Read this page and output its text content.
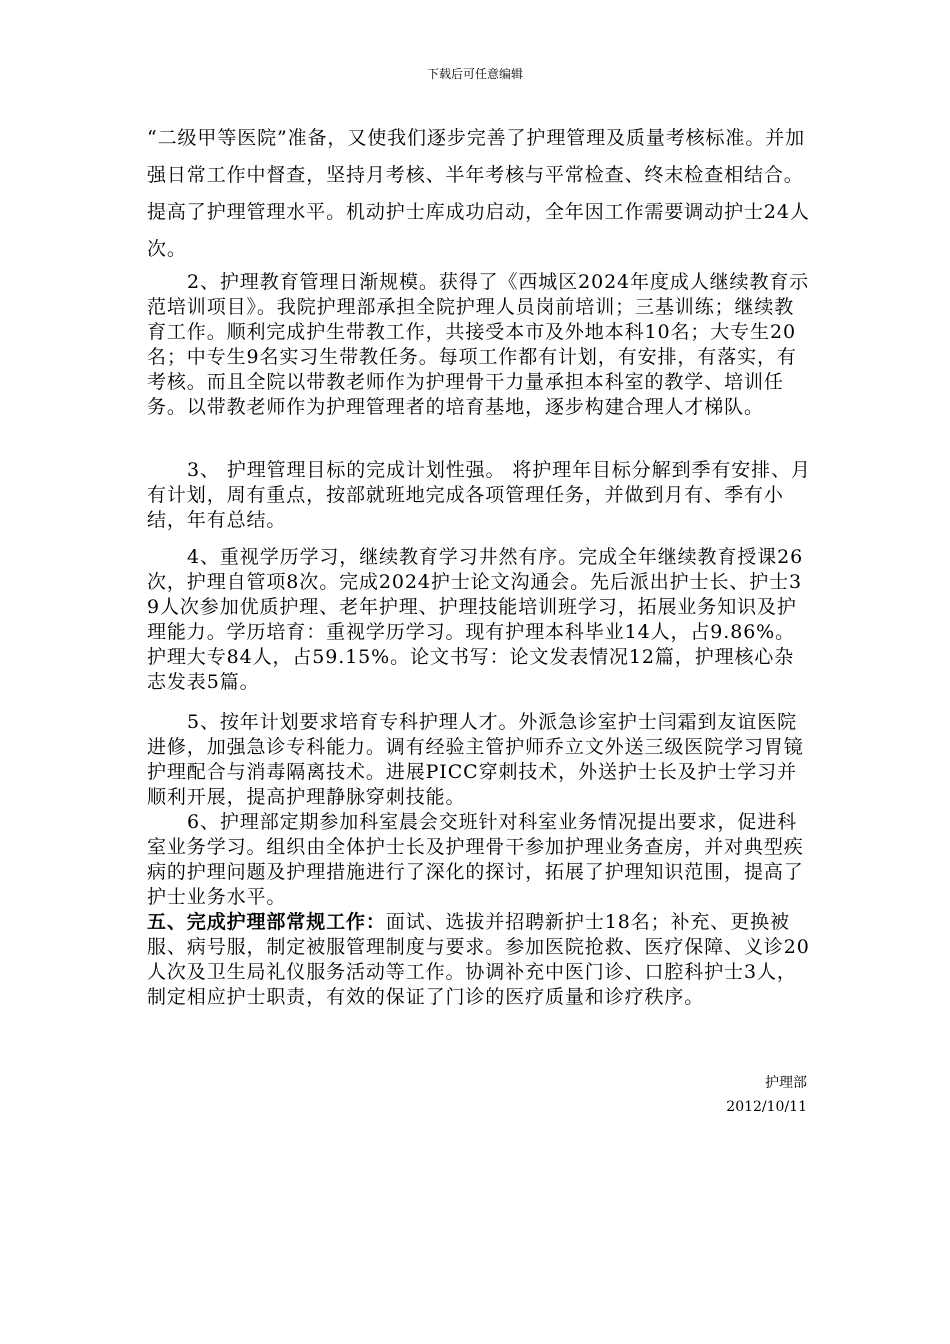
下载后可任意编辑

“二级甲等医院”准备，又使我们逐步完善了护理管理及质量考核标准。并加强日常工作中督查，坚持月考核、半年考核与平常检查、终末检查相结合。提高了护理管理水平。机动护士库成功启动，全年因工作需要调动护士24人次。

2、护理教育管理日渐规模。获得了《西城区2024年度成人继续教育示范培训项目》。我院护理部承担全院护理人员岗前培训；三基训练；继续教育工作。顺利完成护生带教工作，共接受本市及外地本科10名；大专生20名；中专生9名实习生带教任务。每项工作都有计划，有安排，有落实，有考核。而且全院以带教老师作为护理骨干力量承担本科室的教学、培训任务。以带教老师作为护理管理者的培育基地，逐步构建合理人才梯队。

3、 护理管理目标的完成计划性强。 将护理年目标分解到季有安排、月有计划，周有重点，按部就班地完成各项管理任务，并做到月有、季有小结，年有总结。

4、重视学历学习，继续教育学习井然有序。完成全年继续教育授课26次，护理自管项8次。完成2024护士论文沟通会。先后派出护士长、护士39人次参加优质护理、老年护理、护理技能培训班学习，拓展业务知识及护理能力。学历培育：重视学历学习。现有护理本科毕业14人，占9.86%。护理大专84人，占59.15%。论文书写：论文发表情况12篇，护理核心杂志发表5篇。

5、按年计划要求培育专科护理人才。外派急诊室护士闫霜到友谊医院进修，加强急诊专科能力。调有经验主管护师乔立文外送三级医院学习胃镜护理配合与消毒隔离技术。进展PICC穿刺技术，外送护士长及护士学习并顺利开展，提高护理静脉穿刺技能。

6、护理部定期参加科室晨会交班针对科室业务情况提出要求，促进科室业务学习。组织由全体护士长及护理骨干参加护理业务查房，并对典型疾病的护理问题及护理措施进行了深化的探讨，拓展了护理知识范围，提高了护士业务水平。

五、完成护理部常规工作：面试、选拔并招聘新护士18名；补充、更换被服、病号服，制定被服管理制度与要求。参加医院抢救、医疗保障、义诊20人次及卫生局礼仪服务活动等工作。协调补充中医门诊、口腔科护士3人，制定相应护士职责，有效的保证了门诊的医疗质量和诊疗秩序。

护理部
2012/10/11
